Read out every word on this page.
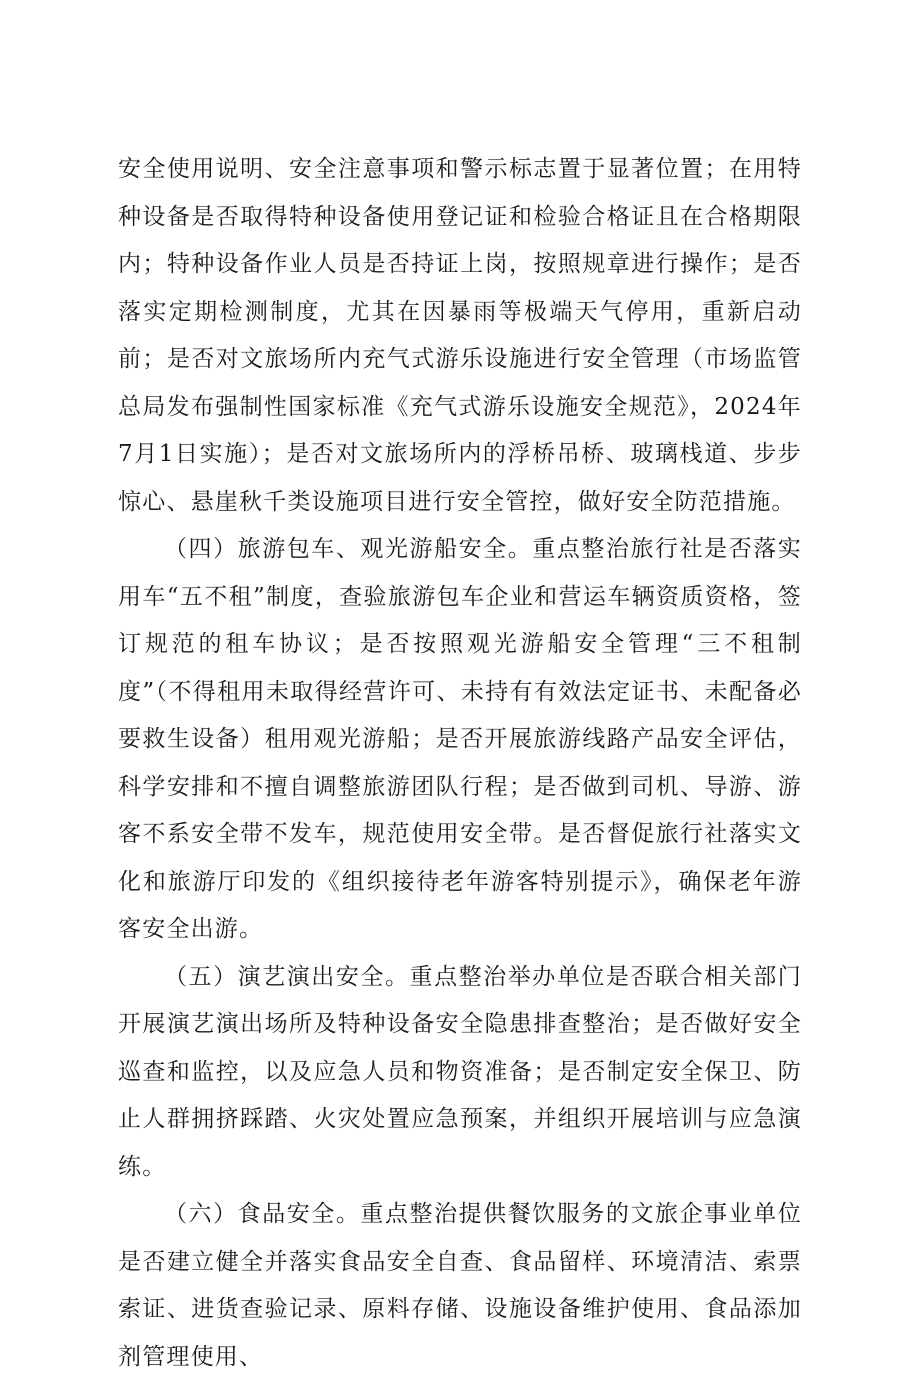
安全使用说明、安全注意事项和警示标志置于显著位置；在用特种设备是否取得特种设备使用登记证和检验合格证且在合格期限内；特种设备作业人员是否持证上岗，按照规章进行操作；是否落实定期检测制度，尤其在因暴雨等极端天气停用，重新启动前；是否对文旅场所内充气式游乐设施进行安全管理（市场监管总局发布强制性国家标准《充气式游乐设施安全规范》，2024年7月1日实施）；是否对文旅场所内的浮桥吊桥、玻璃栈道、步步惊心、悬崖秋千类设施项目进行安全管控，做好安全防范措施。

（四）旅游包车、观光游船安全。重点整治旅行社是否落实用车“五不租”制度，查验旅游包车企业和营运车辆资质资格，签订规范的租车协议；是否按照观光游船安全管理“三不租制度”（不得租用未取得经营许可、未持有有效法定证书、未配备必要救生设备）租用观光游船；是否开展旅游线路产品安全评估，科学安排和不擅自调整旅游团队行程；是否做到司机、导游、游客不系安全带不发车，规范使用安全带。是否督促旅行社落实文化和旅游厅印发的《组织接待老年游客特别提示》，确保老年游客安全出游。

（五）演艺演出安全。重点整治举办单位是否联合相关部门开展演艺演出场所及特种设备安全隐患排查整治；是否做好安全巡查和监控，以及应急人员和物资准备；是否制定安全保卫、防止人群拥挤踩踏、火灾处置应急预案，并组织开展培训与应急演练。

（六）食品安全。重点整治提供餐饮服务的文旅企事业单位是否建立健全并落实食品安全自查、食品留样、环境清洁、索票索证、进货查验记录、原料存储、设施设备维护使用、食品添加剂管理使用、
